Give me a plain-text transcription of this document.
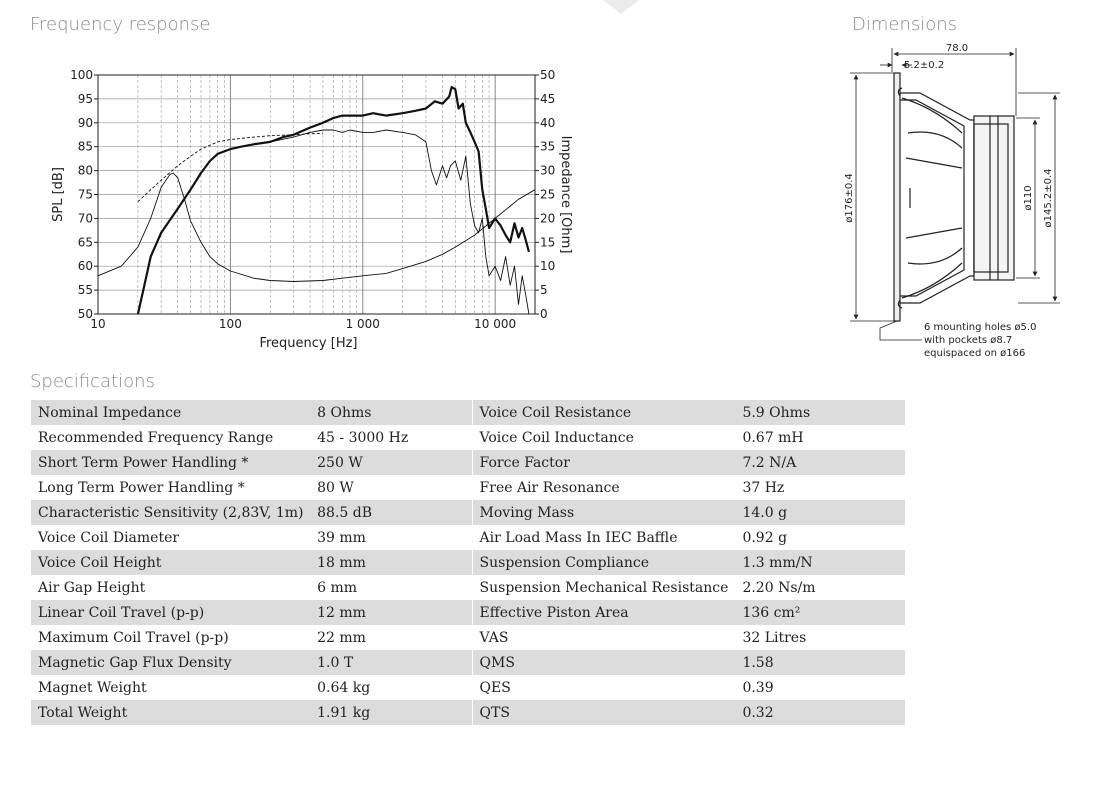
Frequency response	Dimensions
Specifications
50
55
60
65
70
75
80
85
90
95
100
0
5
10
15
20
25
30
35
40
45
50
10	100	1 000	10 000
Frequency [Hz]
SPL [dB]	Impedance [Ohm]
78.0
5.2±0.2
ø176±0.4	ø110 ø145.2±0.4
6 mounting holes ø5.0
with pockets ø8.7
equispaced on ø166
Nominal Impedance	8 Ohms	Voice Coil Resistance	5.9 Ohms
Recommended Frequency Range	45 - 3000 Hz	Voice Coil Inductance	0.67 mH
Short Term Power Handling *	250 W	Force Factor	7.2 N/A
Long Term Power Handling *	80 W	Free Air Resonance	37 Hz
Characteristic Sensitivity (2,83V, 1m)	88.5 dB	Moving Mass	14.0 g
Voice Coil Diameter	39 mm	Air Load Mass In IEC Baffle	0.92 g
Voice Coil Height	18 mm	Suspension Compliance	1.3 mm/N
Air Gap Height	6 mm	Suspension Mechanical Resistance	2.20 Ns/m
Linear Coil Travel (p-p)	12 mm	Effective Piston Area	136 cm²
Maximum Coil Travel (p-p)	22 mm	VAS	32 Litres
Magnetic Gap Flux Density	1.0 T	QMS	1.58
Magnet Weight	0.64 kg	QES	0.39
Total Weight	1.91 kg	QTS	0.32
